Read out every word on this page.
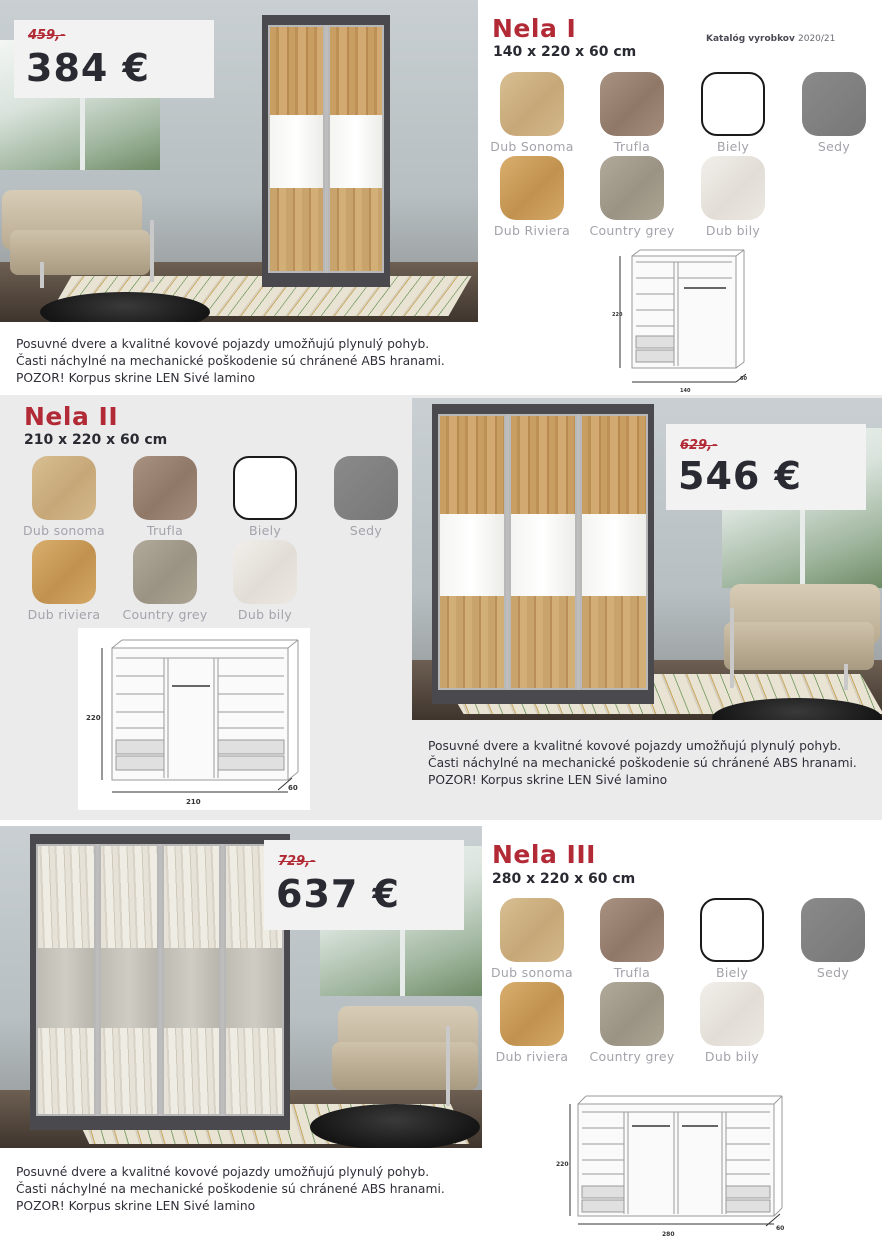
459,-
384 €
Nela I
140 x 220 x 60 cm
Katalóg vyrobkov 2020/21
Dub Sonoma	Trufla	Biely	Sedy
Dub Riviera	Country grey	Dub bily
220
140
60
Posuvné dvere a kvalitné kovové pojazdy umožňujú plynulý pohyb.
Časti náchylné na mechanické poškodenie sú chránené ABS hranami.
POZOR! Korpus skrine LEN Sivé lamino
Nela II
210 x 220 x 60 cm
Dub sonoma	Trufla	Biely	Sedy
Dub riviera	Country grey	Dub bily
220
210
60
629,-
546 €
Posuvné dvere a kvalitné kovové pojazdy umožňujú plynulý pohyb.
Časti náchylné na mechanické poškodenie sú chránené ABS hranami.
POZOR! Korpus skrine LEN Sivé lamino
729,-
637 €
Nela III
280 x 220 x 60 cm
Dub sonoma	Trufla	Biely	Sedy
Dub riviera	Country grey	Dub bily
220
280
60
Posuvné dvere a kvalitné kovové pojazdy umožňujú plynulý pohyb.
Časti náchylné na mechanické poškodenie sú chránené ABS hranami.
POZOR! Korpus skrine LEN Sivé lamino
